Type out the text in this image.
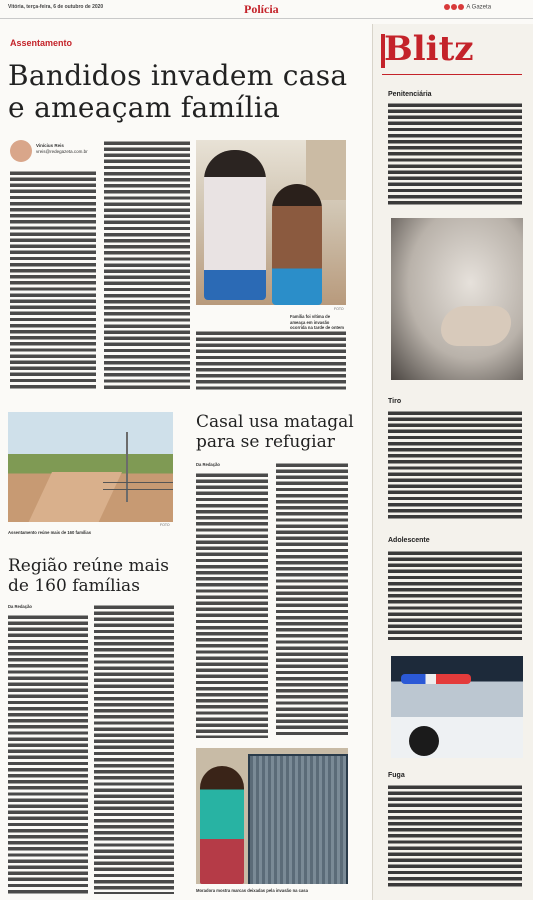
Vitória, terça-feira, 6 de outubro de 2020	Polícia	A Gazeta
Assentamento
Bandidos invadem casa
e ameaçam família
Vinícius Reis
vreis@redegazeta.com.br
FOTO
Família foi vítima de ameaça em invasão ocorrida na tarde de ontem
FOTO
Assentamento reúne mais de 160 famílias
Região reúne mais
de 160 famílias
Da Redação
Casal usa matagal
para se refugiar
Da Redação
Moradora mostra marcas deixadas pela invasão na casa
Blitz
Penitenciária
Tiro
Adolescente
Fuga
